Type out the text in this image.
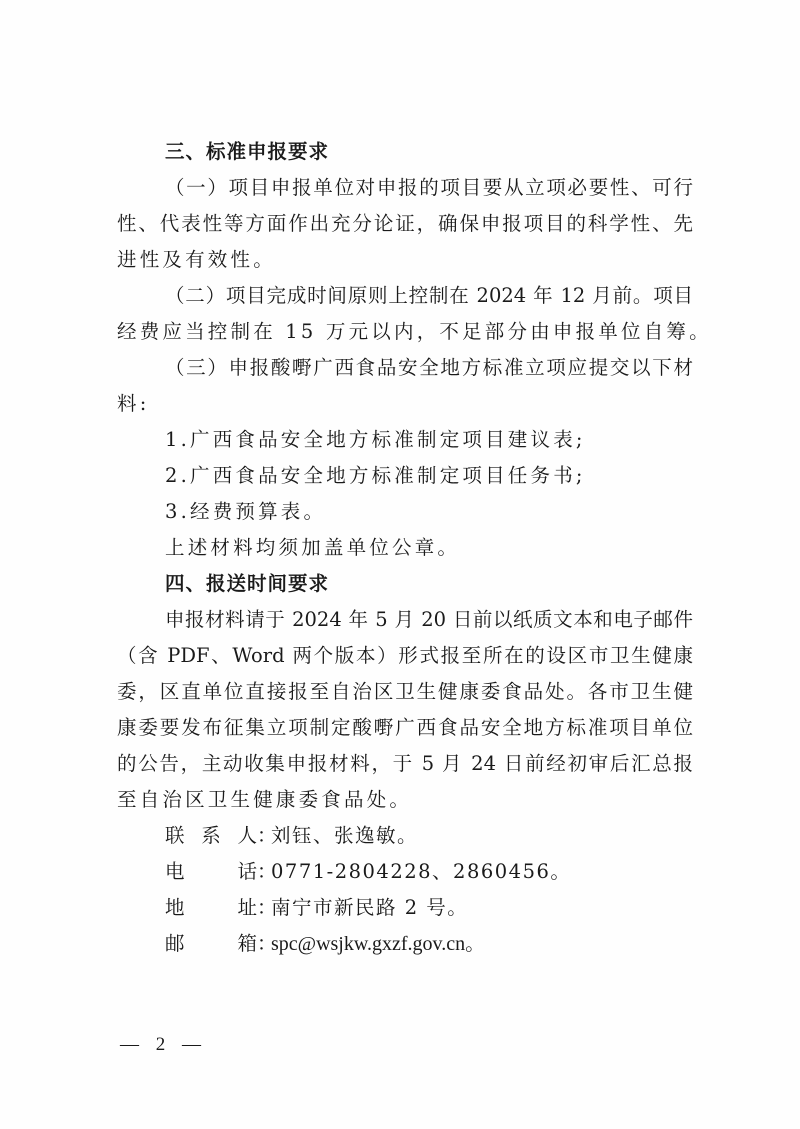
三、标准申报要求
（一）项目申报单位对申报的项目要从立项必要性、可行
性、代表性等方面作出充分论证，确保申报项目的科学性、先
进性及有效性。
（二）项目完成时间原则上控制在 2024 年 12 月前。项目
经费应当控制在 15 万元以内，不足部分由申报单位自筹。
（三）申报酸嘢广西食品安全地方标准立项应提交以下材
料:
1.广西食品安全地方标准制定项目建议表;
2.广西食品安全地方标准制定项目任务书;
3.经费预算表。
上述材料均须加盖单位公章。
四、报送时间要求
申报材料请于 2024 年 5 月 20 日前以纸质文本和电子邮件
（含 PDF、Word 两个版本）形式报至所在的设区市卫生健康
委，区直单位直接报至自治区卫生健康委食品处。各市卫生健
康委要发布征集立项制定酸嘢广西食品安全地方标准项目单位
的公告，主动收集申报材料，于 5 月 24 日前经初审后汇总报
至自治区卫生健康委食品处。
联系人：刘钰、张逸敏。
电　话：0771-2804228、2860456。
地　址：南宁市新民路 2 号。
邮　箱：spc@wsjkw.gxzf.gov.cn。
— 2 —
